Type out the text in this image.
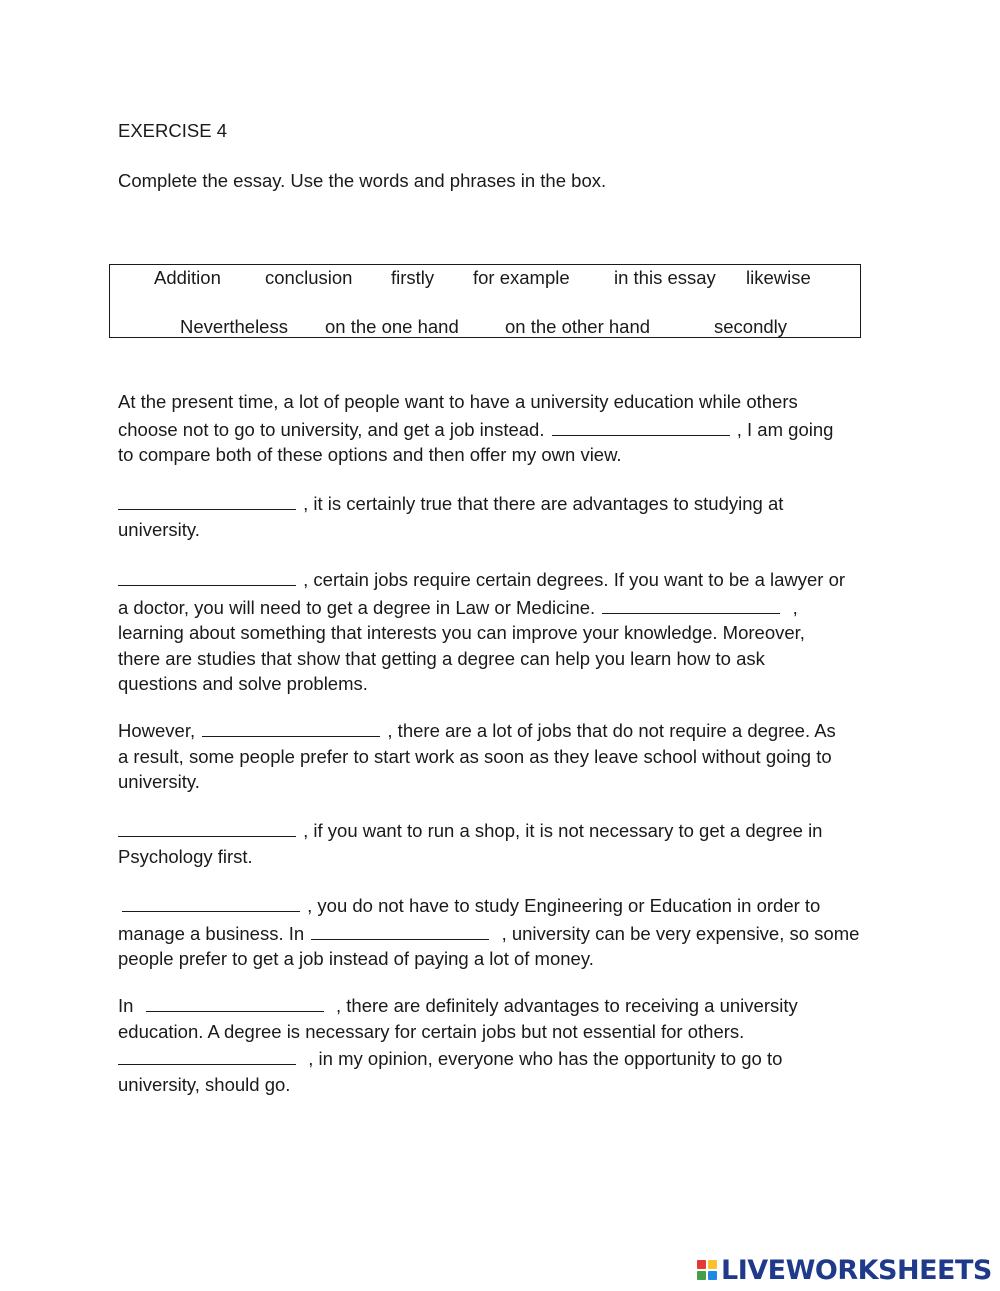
EXERCISE 4
Complete the essay. Use the words and phrases in the box.
Addition conclusion firstly for example in this essay likewise
Nevertheless on the one hand	on the other hand	secondly
At the present time, a lot of people want to have a university education while others
choose not to go to university, and get a job instead.	, I am going
to compare both of these options and then offer my own view.
, it is certainly true that there are advantages to studying at
university.
, certain jobs require certain degrees. If you want to be a lawyer or
a doctor, you will need to get a degree in Law or Medicine.	,
learning about something that interests you can improve your knowledge. Moreover,
there are studies that show that getting a degree can help you learn how to ask
questions and solve problems.
However,	, there are a lot of jobs that do not require a degree. As
a result, some people prefer to start work as soon as they leave school without going to
university.
, if you want to run a shop, it is not necessary to get a degree in
Psychology first.
, you do not have to study Engineering or Education in order to
manage a business. In	, university can be very expensive, so some
people prefer to get a job instead of paying a lot of money.
In	, there are definitely advantages to receiving a university
education. A degree is necessary for certain jobs but not essential for others.
, in my opinion, everyone who has the opportunity to go to
university, should go.
LIVEWORKSHEETS
